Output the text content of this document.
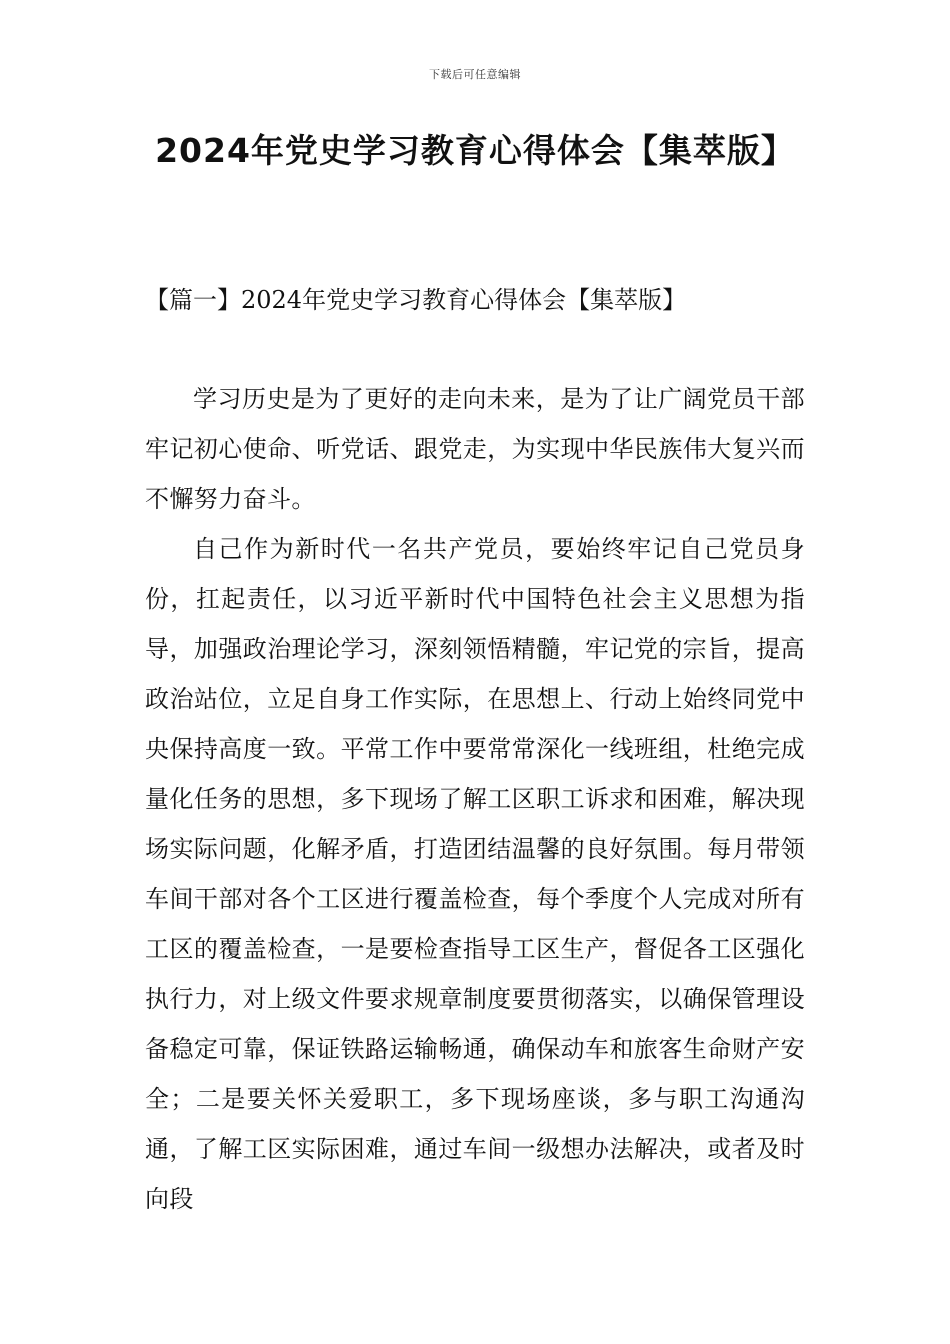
下载后可任意编辑
2024年党史学习教育心得体会【集萃版】
【篇一】2024年党史学习教育心得体会【集萃版】

学习历史是为了更好的走向未来，是为了让广阔党员干部牢记初心使命、听党话、跟党走，为实现中华民族伟大复兴而不懈努力奋斗。

自己作为新时代一名共产党员，要始终牢记自己党员身份，扛起责任，以习近平新时代中国特色社会主义思想为指导，加强政治理论学习，深刻领悟精髓，牢记党的宗旨，提高政治站位，立足自身工作实际，在思想上、行动上始终同党中央保持高度一致。平常工作中要常常深化一线班组，杜绝完成量化任务的思想，多下现场了解工区职工诉求和困难，解决现场实际问题，化解矛盾，打造团结温馨的良好氛围。每月带领车间干部对各个工区进行覆盖检查，每个季度个人完成对所有工区的覆盖检查，一是要检查指导工区生产，督促各工区强化执行力，对上级文件要求规章制度要贯彻落实，以确保管理设备稳定可靠，保证铁路运输畅通，确保动车和旅客生命财产安全；二是要关怀关爱职工，多下现场座谈，多与职工沟通沟通，了解工区实际困难，通过车间一级想办法解决，或者及时向段
